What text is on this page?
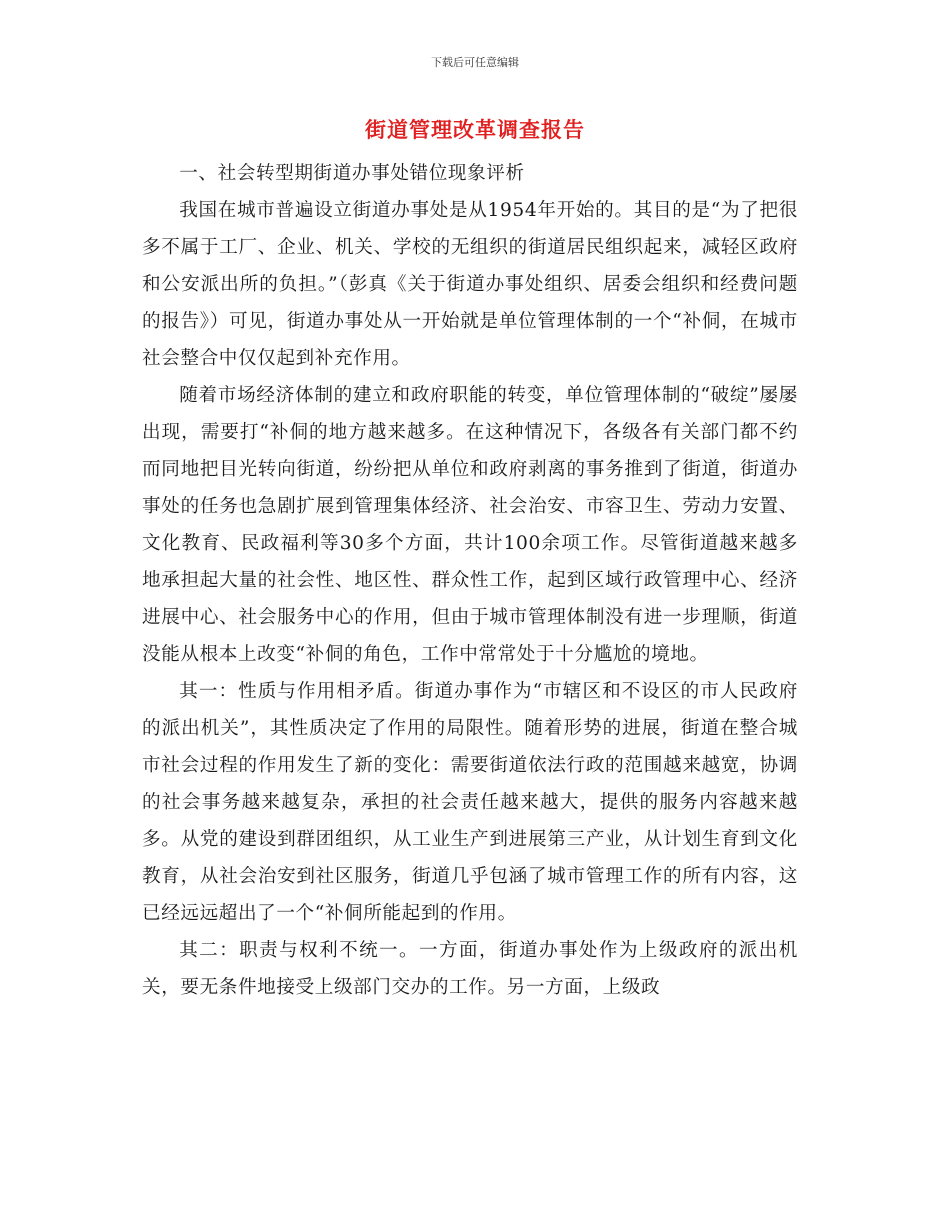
下载后可任意编辑
街道管理改革调查报告

一、社会转型期街道办事处错位现象评析

我国在城市普遍设立街道办事处是从1954年开始的。其目的是“为了把很多不属于工厂、企业、机关、学校的无组织的街道居民组织起来，减轻区政府和公安派出所的负担。”（彭真《关于街道办事处组织、居委会组织和经费问题的报告》）可见，街道办事处从一开始就是单位管理体制的一个“补侗，在城市社会整合中仅仅起到补充作用。

随着市场经济体制的建立和政府职能的转变，单位管理体制的“破绽”屡屡出现，需要打“补侗的地方越来越多。在这种情况下，各级各有关部门都不约而同地把目光转向街道，纷纷把从单位和政府剥离的事务推到了街道，街道办事处的任务也急剧扩展到管理集体经济、社会治安、市容卫生、劳动力安置、文化教育、民政福利等30多个方面，共计100余项工作。尽管街道越来越多地承担起大量的社会性、地区性、群众性工作，起到区域行政管理中心、经济进展中心、社会服务中心的作用，但由于城市管理体制没有进一步理顺，街道没能从根本上改变“补侗的角色，工作中常常处于十分尴尬的境地。

其一：性质与作用相矛盾。街道办事作为“市辖区和不设区的市人民政府的派出机关”，其性质决定了作用的局限性。随着形势的进展，街道在整合城市社会过程的作用发生了新的变化：需要街道依法行政的范围越来越宽，协调的社会事务越来越复杂，承担的社会责任越来越大，提供的服务内容越来越多。从党的建设到群团组织，从工业生产到进展第三产业，从计划生育到文化教育，从社会治安到社区服务，街道几乎包涵了城市管理工作的所有内容，这已经远远超出了一个“补侗所能起到的作用。

其二：职责与权利不统一。一方面，街道办事处作为上级政府的派出机关，要无条件地接受上级部门交办的工作。另一方面，上级政
